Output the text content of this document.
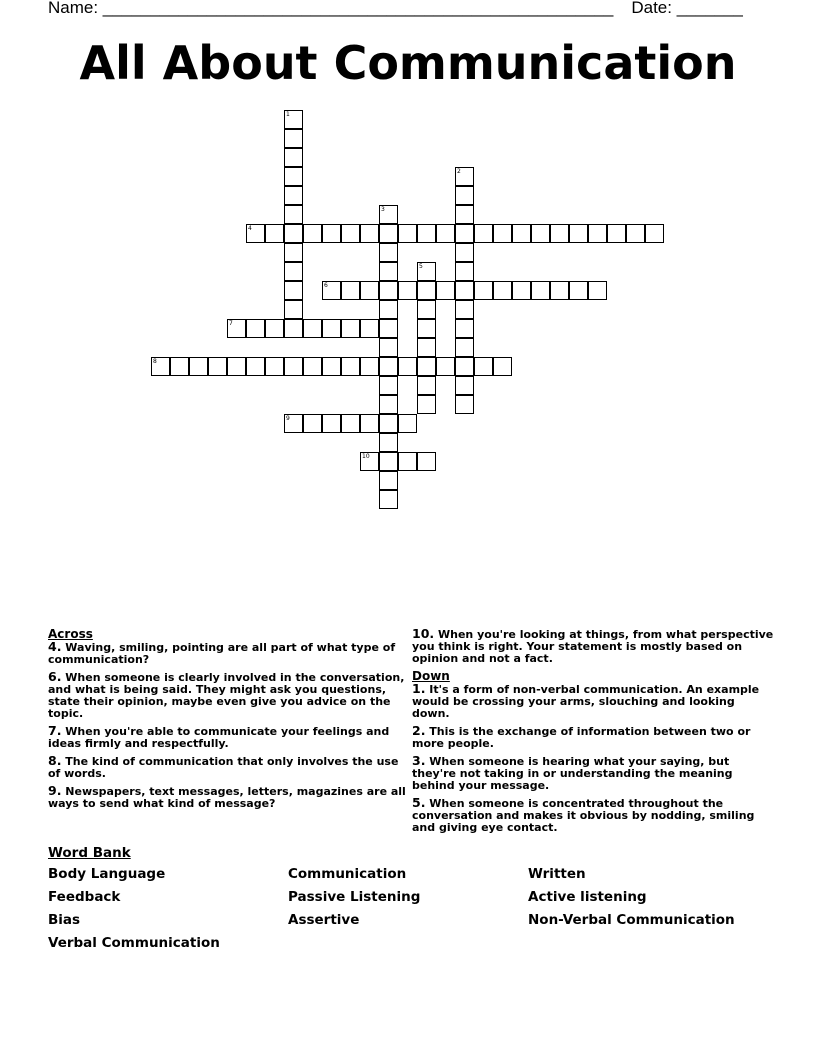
Name: ______________________________________________________ Date: _______
All About Communication
1
2
3
4
5
6
7
8
9
10

Across

4. Waving, smiling, pointing are all part of what type of communication?

6. When someone is clearly involved in the conversation, and what is being said. They might ask you questions, state their opinion, maybe even give you advice on the topic.

7. When you're able to communicate your feelings and ideas firmly and respectfully.

8. The kind of communication that only involves the use of words.

9. Newspapers, text messages, letters, magazines are all ways to send what kind of message?

10. When you're looking at things, from what perspective you think is right. Your statement is mostly based on opinion and not a fact.

Down

1. It's a form of non-verbal communication. An example would be crossing your arms, slouching and looking down.

2. This is the exchange of information between two or more people.

3. When someone is hearing what your saying, but they're not taking in or understanding the meaning behind your message.

5. When someone is concentrated throughout the conversation and makes it obvious by nodding, smiling and giving eye contact.

Word Bank

Body Language	Communication	Written
Feedback	Passive Listening	Active listening
Bias	Assertive	Non-Verbal Communication
Verbal Communication
